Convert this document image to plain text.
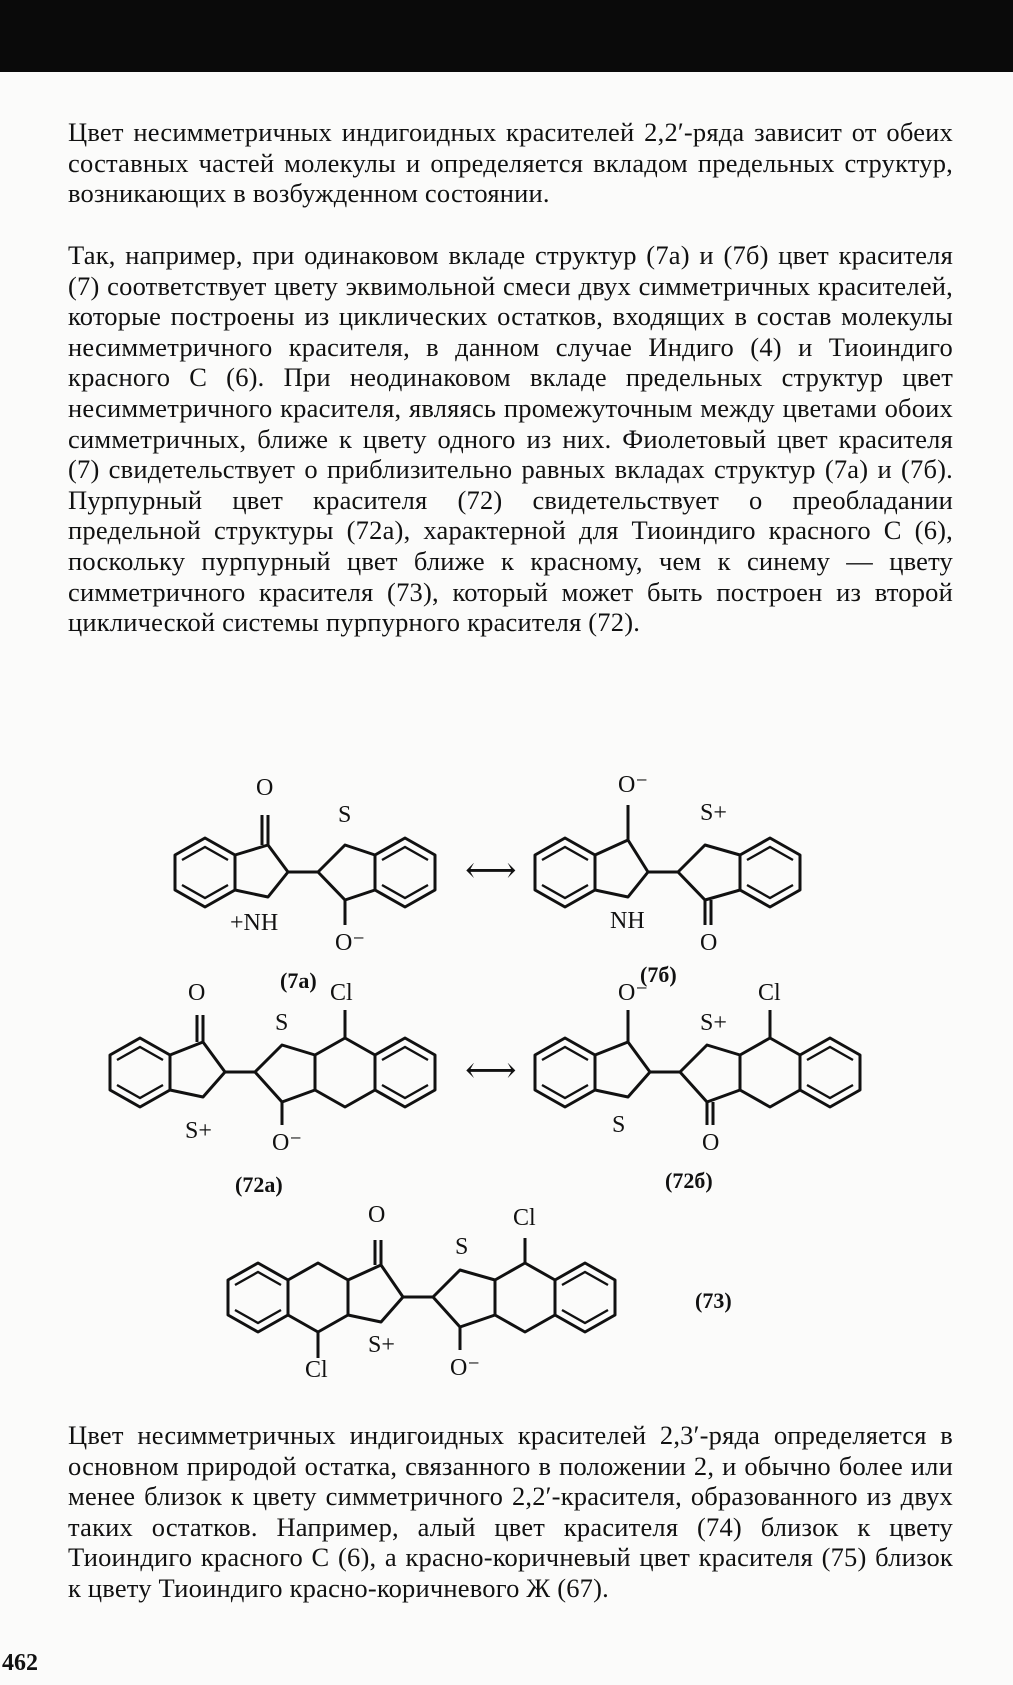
Цвет несимметричных индигоидных красителей 2,2′-ряда зависит от обеих составных частей молекулы и определяется вкладом предельных структур, возникающих в возбужденном состоянии.

Так, например, при одинаковом вкладе структур (7а) и (7б) цвет красителя (7) соответствует цвету эквимольной смеси двух симметричных красителей, которые построены из циклических остатков, входящих в состав молекулы несимметричного красителя, в данном случае Индиго (4) и Тиоиндиго красного С (6). При неодинаковом вкладе предельных структур цвет несимметричного красителя, являясь промежуточным между цветами обоих симметричных, ближе к цвету одного из них. Фиолетовый цвет красителя (7) свидетельствует о приблизительно равных вкладах структур (7а) и (7б). Пурпурный цвет красителя (72) свидетельствует о преобладании предельной структуры (72а), характерной для Тиоиндиго красного С (6), поскольку пурпурный цвет ближе к красному, чем к синему — цвету симметричного красителя (73), который может быть построен из второй циклической системы пурпурного красителя (72).

O
S
+NH
O⁻
(7а)
⟷
O⁻
S+
NH
O
(7б)
O
S
Cl
S+	O⁻
(72а)
⟷
O⁻
S+
Cl
S
O
(72б)
O
S
Cl
S+
Cl	O⁻
(73)

Цвет несимметричных индигоидных красителей 2,3′-ряда определяется в основном природой остатка, связанного в положении 2, и обычно более или менее близок к цвету симметричного 2,2′-красителя, образованного из двух таких остатков. Например, алый цвет красителя (74) близок к цвету Тиоиндиго красного С (6), а красно-коричневый цвет красителя (75) близок к цвету Тиоиндиго красно-коричневого Ж (67).

462
